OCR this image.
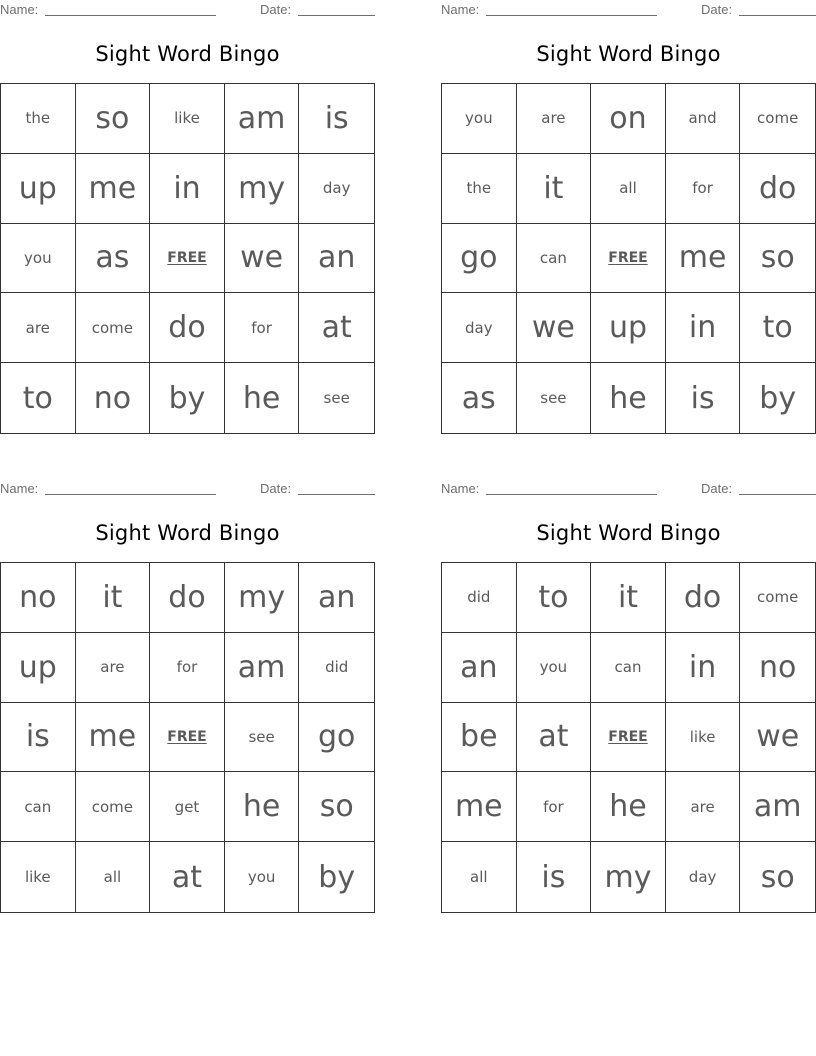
Name:	Date:
Sight Word Bingo
the	so	like	am	is
up	me	in	my	day
you	as	FREE	we	an
are	come	do	for	at
to	no	by	he	see
Name:	Date:
Sight Word Bingo
you	are	on	and	come
the	it	all	for	do
go	can	FREE	me	so
day	we	up	in	to
as	see	he	is	by
Name:	Date:
Sight Word Bingo
no	it	do	my	an
up	are	for	am	did
is	me	FREE	see	go
can	come	get	he	so
like	all	at	you	by
Name:	Date:
Sight Word Bingo
did	to	it	do	come
an	you	can	in	no
be	at	FREE	like	we
me	for	he	are	am
all	is	my	day	so
